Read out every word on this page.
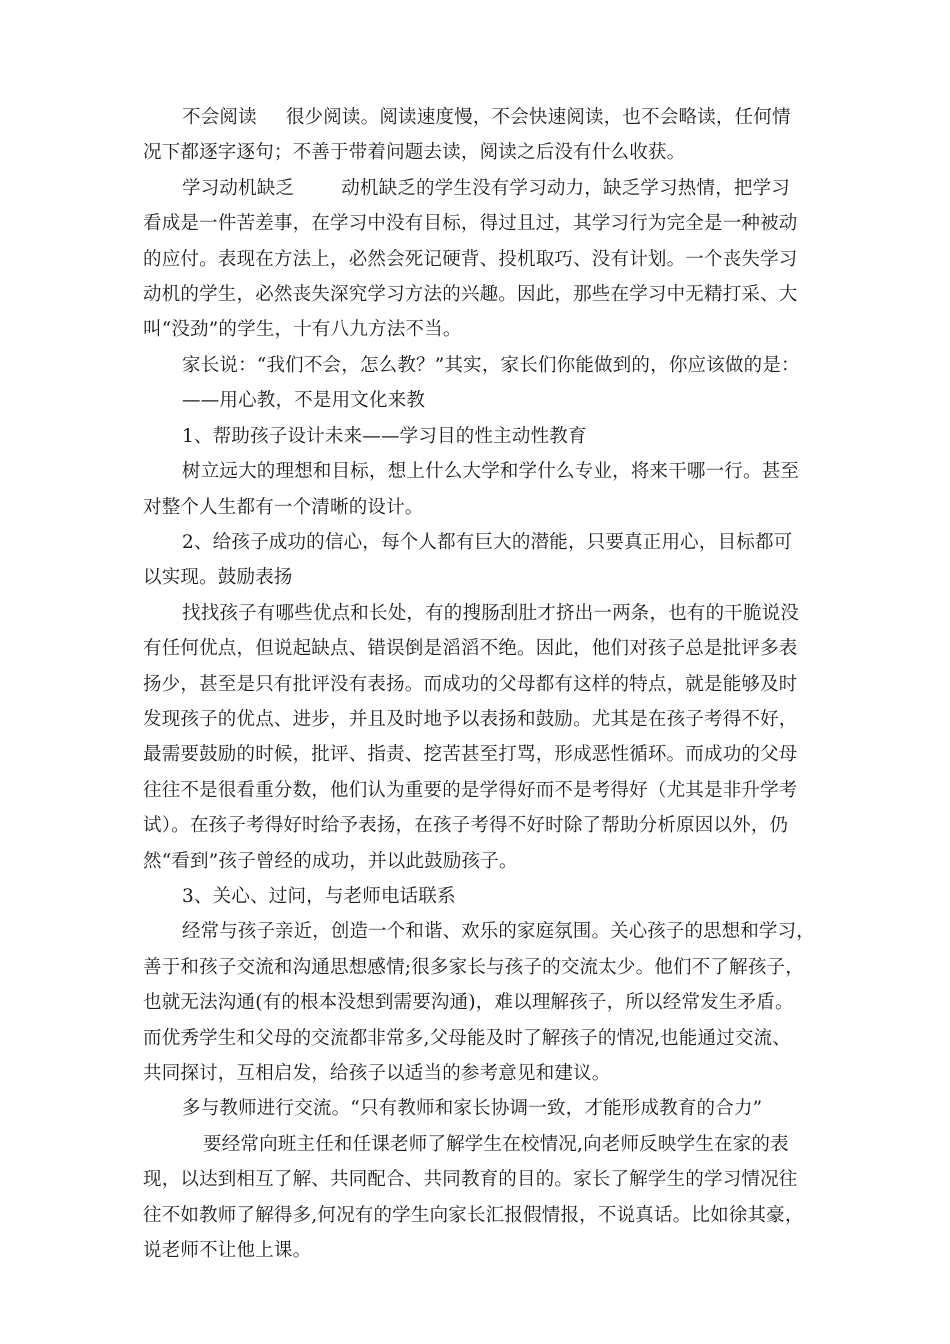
不会阅读 很少阅读。阅读速度慢，不会快速阅读，也不会略读，任何情
况下都逐字逐句；不善于带着问题去读，阅读之后没有什么收获。
学习动机缺乏	动机缺乏的学生没有学习动力，缺乏学习热情，把学习
看成是一件苦差事，在学习中没有目标，得过且过，其学习行为完全是一种被动
的应付。表现在方法上，必然会死记硬背、投机取巧、没有计划。一个丧失学习
动机的学生，必然丧失深究学习方法的兴趣。因此，那些在学习中无精打采、大
叫“没劲”的学生，十有八九方法不当。
家长说：“我们不会，怎么教？”其实，家长们你能做到的，你应该做的是：
——用心教，不是用文化来教
1、帮助孩子设计未来——学习目的性主动性教育
树立远大的理想和目标，想上什么大学和学什么专业，将来干哪一行。甚至
对整个人生都有一个清晰的设计。
2、给孩子成功的信心，每个人都有巨大的潜能，只要真正用心，目标都可
以实现。鼓励表扬
找找孩子有哪些优点和长处，有的搜肠刮肚才挤出一两条，也有的干脆说没
有任何优点，但说起缺点、错误倒是滔滔不绝。因此，他们对孩子总是批评多表
扬少，甚至是只有批评没有表扬。而成功的父母都有这样的特点，就是能够及时
发现孩子的优点、进步，并且及时地予以表扬和鼓励。尤其是在孩子考得不好，
最需要鼓励的时候，批评、指责、挖苦甚至打骂，形成恶性循环。而成功的父母
往往不是很看重分数，他们认为重要的是学得好而不是考得好（尤其是非升学考
试）。在孩子考得好时给予表扬，在孩子考得不好时除了帮助分析原因以外，仍
然“看到”孩子曾经的成功，并以此鼓励孩子。
3、关心、过问，与老师电话联系
经常与孩子亲近，创造一个和谐、欢乐的家庭氛围。关心孩子的思想和学习，
善于和孩子交流和沟通思想感情;很多家长与孩子的交流太少。他们不了解孩子，
也就无法沟通(有的根本没想到需要沟通)，难以理解孩子，所以经常发生矛盾。
而优秀学生和父母的交流都非常多,父母能及时了解孩子的情况,也能通过交流、
共同探讨，互相启发，给孩子以适当的参考意见和建议。
多与教师进行交流。“只有教师和家长协调一致，才能形成教育的合力”
要经常向班主任和任课老师了解学生在校情况,向老师反映学生在家的表
现，以达到相互了解、共同配合、共同教育的目的。家长了解学生的学习情况往
往不如教师了解得多,何况有的学生向家长汇报假情报，不说真话。比如徐其豪，
说老师不让他上课。
